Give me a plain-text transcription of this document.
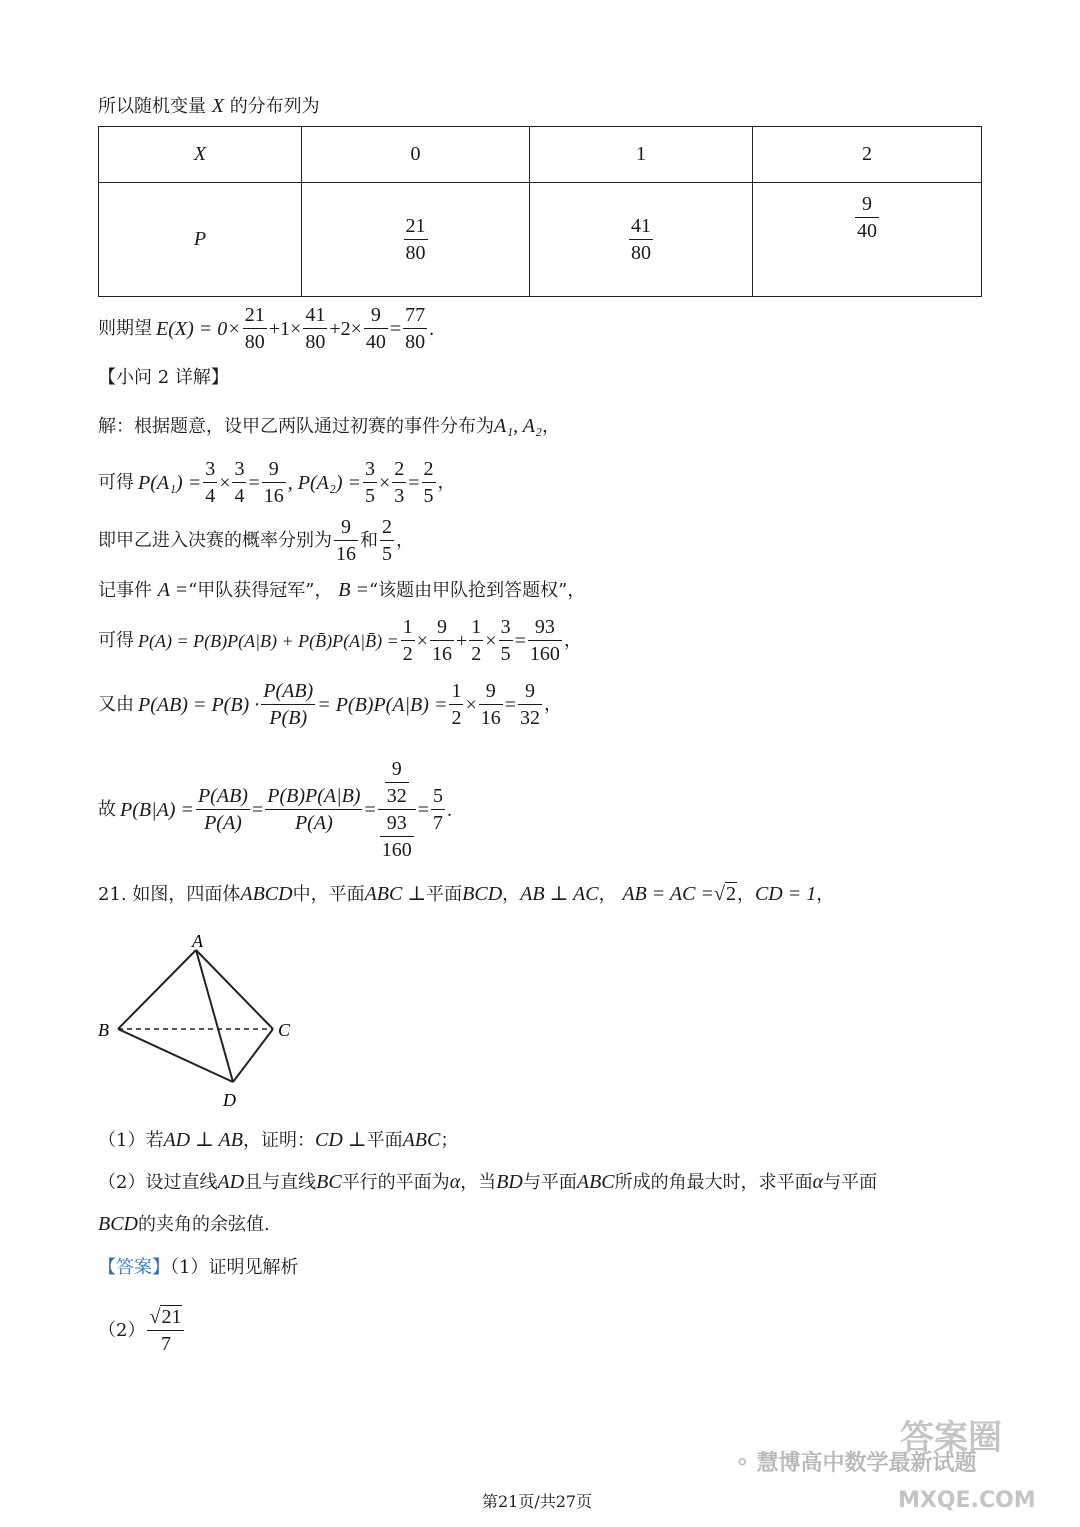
所以随机变量 X 的分布列为
X	0	1	2
P	$\frac{21}{80}$	$\frac{41}{80}$	$\frac{9}{40}$
则期望 $E(X) = 0\times \frac{21}{80} +1\times \frac{41}{80} +2\times \frac{9}{40} = \frac{77}{80}$ .
【小问 2 详解】
解：根据题意，设甲乙两队通过初赛的事件分布为A₁, A₂，
可得 $P(A_1) = \frac{3}{4} \times \frac{3}{4} = \frac{9}{16}$ , $P(A_2) = \frac{3}{5} \times \frac{2}{3} = \frac{2}{5}$ ，
即甲乙进入决赛的概率分别为 $\frac{9}{16}$ 和 $\frac{2}{5}$ ，
记事件 A =“甲队获得冠军”， B =“该题由甲队抢到答题权”，
可得 P(A) = P(B)P(A|B) + P(B̄)P(A|B̄) = $\frac{1}{2} \times \frac{9}{16} + \frac{1}{2} \times \frac{3}{5} = \frac{93}{160}$ ，
又由 $P(AB) = P(B) \cdot \frac{P(AB)}{P(B)} = P(B)P(A|B) = \frac{1}{2} \times \frac{9}{16} = \frac{9}{32}$ ，
故 $P(B|A) = \frac{P(AB)}{P(A)} = \frac{P(B)P(A|B)}{P(A)} = \frac{\frac{9}{32}}{\frac{93}{160}} = \frac{5}{7}$ .
21. 如图，四面体ABCD中，平面ABC ⊥平面BCD，AB ⊥ AC， AB = AC =√2，CD = 1，
A
B	C
D
（1）若AD ⊥ AB，证明：CD ⊥平面ABC；
（2）设过直线AD且与直线BC平行的平面为α，当BD与平面ABC所成的角最大时，求平面α与平面
BCD的夹角的余弦值.
【答案】（1）证明见解析
$(2) \frac{√21}{7}$
⚬ 慧博高中数学最新试题
答案圈
MXQE.COM
第21页/共27页
